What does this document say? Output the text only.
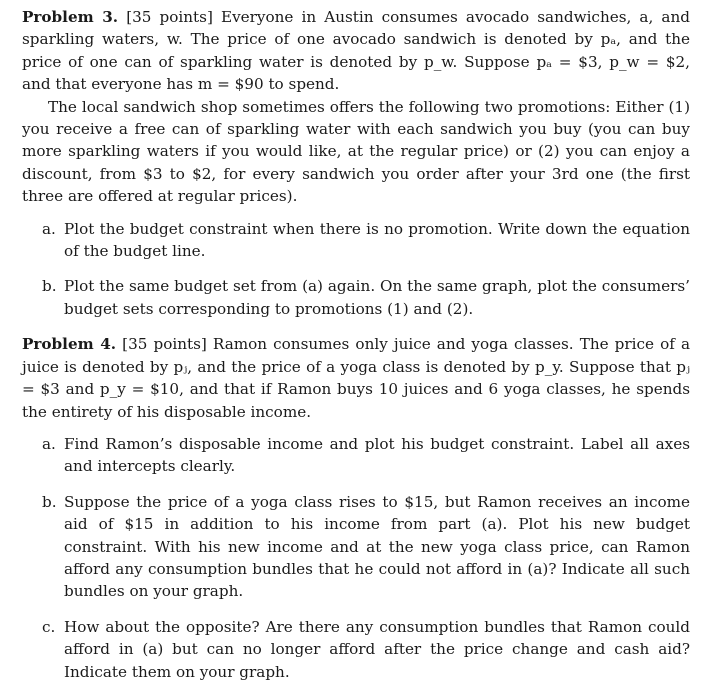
Problem 3. [35 points] Everyone in Austin consumes avocado sandwiches, a, and sparkling waters, w. The price of one avocado sandwich is denoted by pₐ, and the price of one can of sparkling water is denoted by p_w. Suppose pₐ = $3, p_w = $2, and that everyone has m = $90 to spend.

The local sandwich shop sometimes offers the following two promotions: Either (1) you receive a free can of sparkling water with each sandwich you buy (you can buy more sparkling waters if you would like, at the regular price) or (2) you can enjoy a discount, from $3 to $2, for every sandwich you order after your 3rd one (the first three are offered at regular prices).

a. Plot the budget constraint when there is no promotion. Write down the equation of the budget line.
b. Plot the same budget set from (a) again. On the same graph, plot the consumers’ budget sets corresponding to promotions (1) and (2).

Problem 4. [35 points] Ramon consumes only juice and yoga classes. The price of a juice is denoted by pⱼ, and the price of a yoga class is denoted by p_y. Suppose that pⱼ = $3 and p_y = $10, and that if Ramon buys 10 juices and 6 yoga classes, he spends the entirety of his disposable income.

a. Find Ramon’s disposable income and plot his budget constraint. Label all axes and intercepts clearly.
b. Suppose the price of a yoga class rises to $15, but Ramon receives an income aid of $15 in addition to his income from part (a). Plot his new budget constraint. With his new income and at the new yoga class price, can Ramon afford any consumption bundles that he could not afford in (a)? Indicate all such bundles on your graph.
c. How about the opposite? Are there any consumption bundles that Ramon could afford in (a) but can no longer afford after the price change and cash aid? Indicate them on your graph.
